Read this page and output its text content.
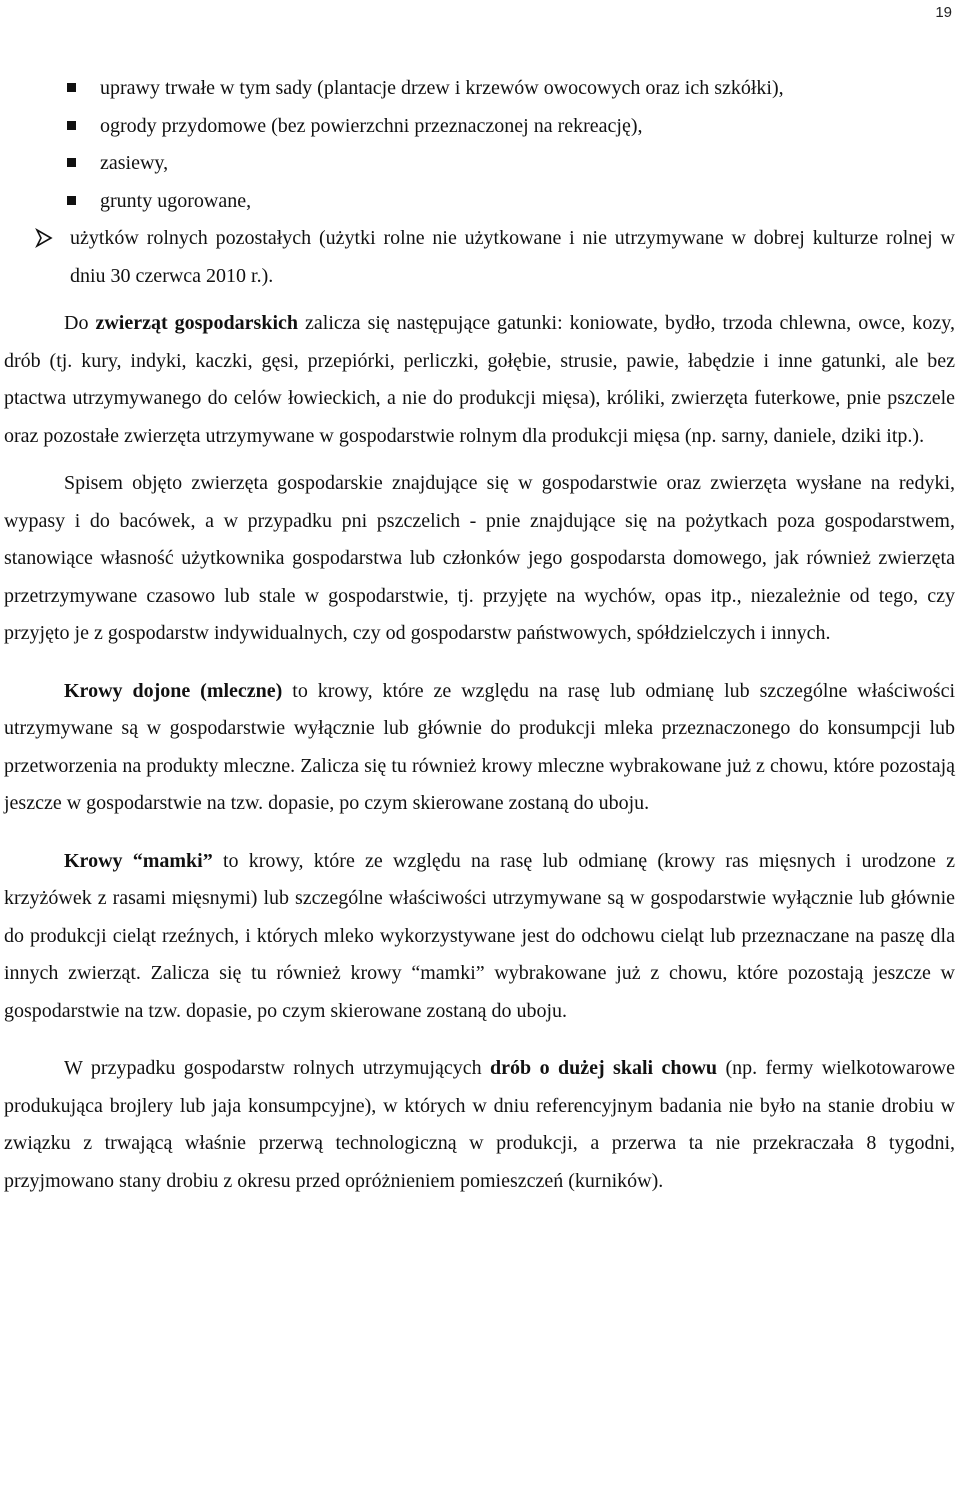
19
uprawy trwałe w tym sady (plantacje drzew i krzewów owocowych oraz ich szkółki),
ogrody przydomowe (bez powierzchni przeznaczonej na rekreację),
zasiewy,
grunty ugorowane,
użytków rolnych pozostałych (użytki rolne nie użytkowane i nie utrzymywane w dobrej kulturze rolnej w dniu 30 czerwca 2010 r.).

Do zwierząt gospodarskich zalicza się następujące gatunki: koniowate, bydło, trzoda chlewna, owce, kozy, drób (tj. kury, indyki, kaczki, gęsi, przepiórki, perliczki, gołębie, strusie, pawie, łabędzie i inne gatunki, ale bez ptactwa utrzymywanego do celów łowieckich, a nie do produkcji mięsa), króliki, zwierzęta futerkowe, pnie pszczele oraz pozostałe zwierzęta utrzymywane w gospodarstwie rolnym dla produkcji mięsa (np. sarny, daniele, dziki itp.).

Spisem objęto zwierzęta gospodarskie znajdujące się w gospodarstwie oraz zwierzęta wysłane na redyki, wypasy i do bacówek, a w przypadku pni pszczelich - pnie znajdujące się na pożytkach poza gospodarstwem, stanowiące własność użytkownika gospodarstwa lub członków jego gospodarsta domowego, jak również zwierzęta przetrzymywane czasowo lub stale w gospodarstwie, tj. przyjęte na wychów, opas itp., niezależnie od tego, czy przyjęto je z gospodarstw indywidualnych, czy od gospodarstw państwowych, spółdzielczych i innych.

Krowy dojone (mleczne) to krowy, które ze względu na rasę lub odmianę lub szczególne właściwości utrzymywane są w gospodarstwie wyłącznie lub głównie do produkcji mleka przeznaczonego do konsumpcji lub przetworzenia na produkty mleczne. Zalicza się tu również krowy mleczne wybrakowane już z chowu, które pozostają jeszcze w gospodarstwie na tzw. dopasie, po czym skierowane zostaną do uboju.

Krowy “mamki” to krowy, które ze względu na rasę lub odmianę (krowy ras mięsnych i urodzone z krzyżówek z rasami mięsnymi) lub szczególne właściwości utrzymywane są w gospodarstwie wyłącznie lub głównie do produkcji cieląt rzeźnych, i których mleko wykorzystywane jest do odchowu cieląt lub przeznaczane na paszę dla innych zwierząt. Zalicza się tu również krowy “mamki” wybrakowane już z chowu, które pozostają jeszcze w gospodarstwie na tzw. dopasie, po czym skierowane zostaną do uboju.

W przypadku gospodarstw rolnych utrzymujących drób o dużej skali chowu (np. fermy wielkotowarowe produkująca brojlery lub jaja konsumpcyjne), w których w dniu referencyjnym badania nie było na stanie drobiu w związku z trwającą właśnie przerwą technologiczną w produkcji, a przerwa ta nie przekraczała 8 tygodni, przyjmowano stany drobiu z okresu przed opróżnieniem pomieszczeń (kurników).
